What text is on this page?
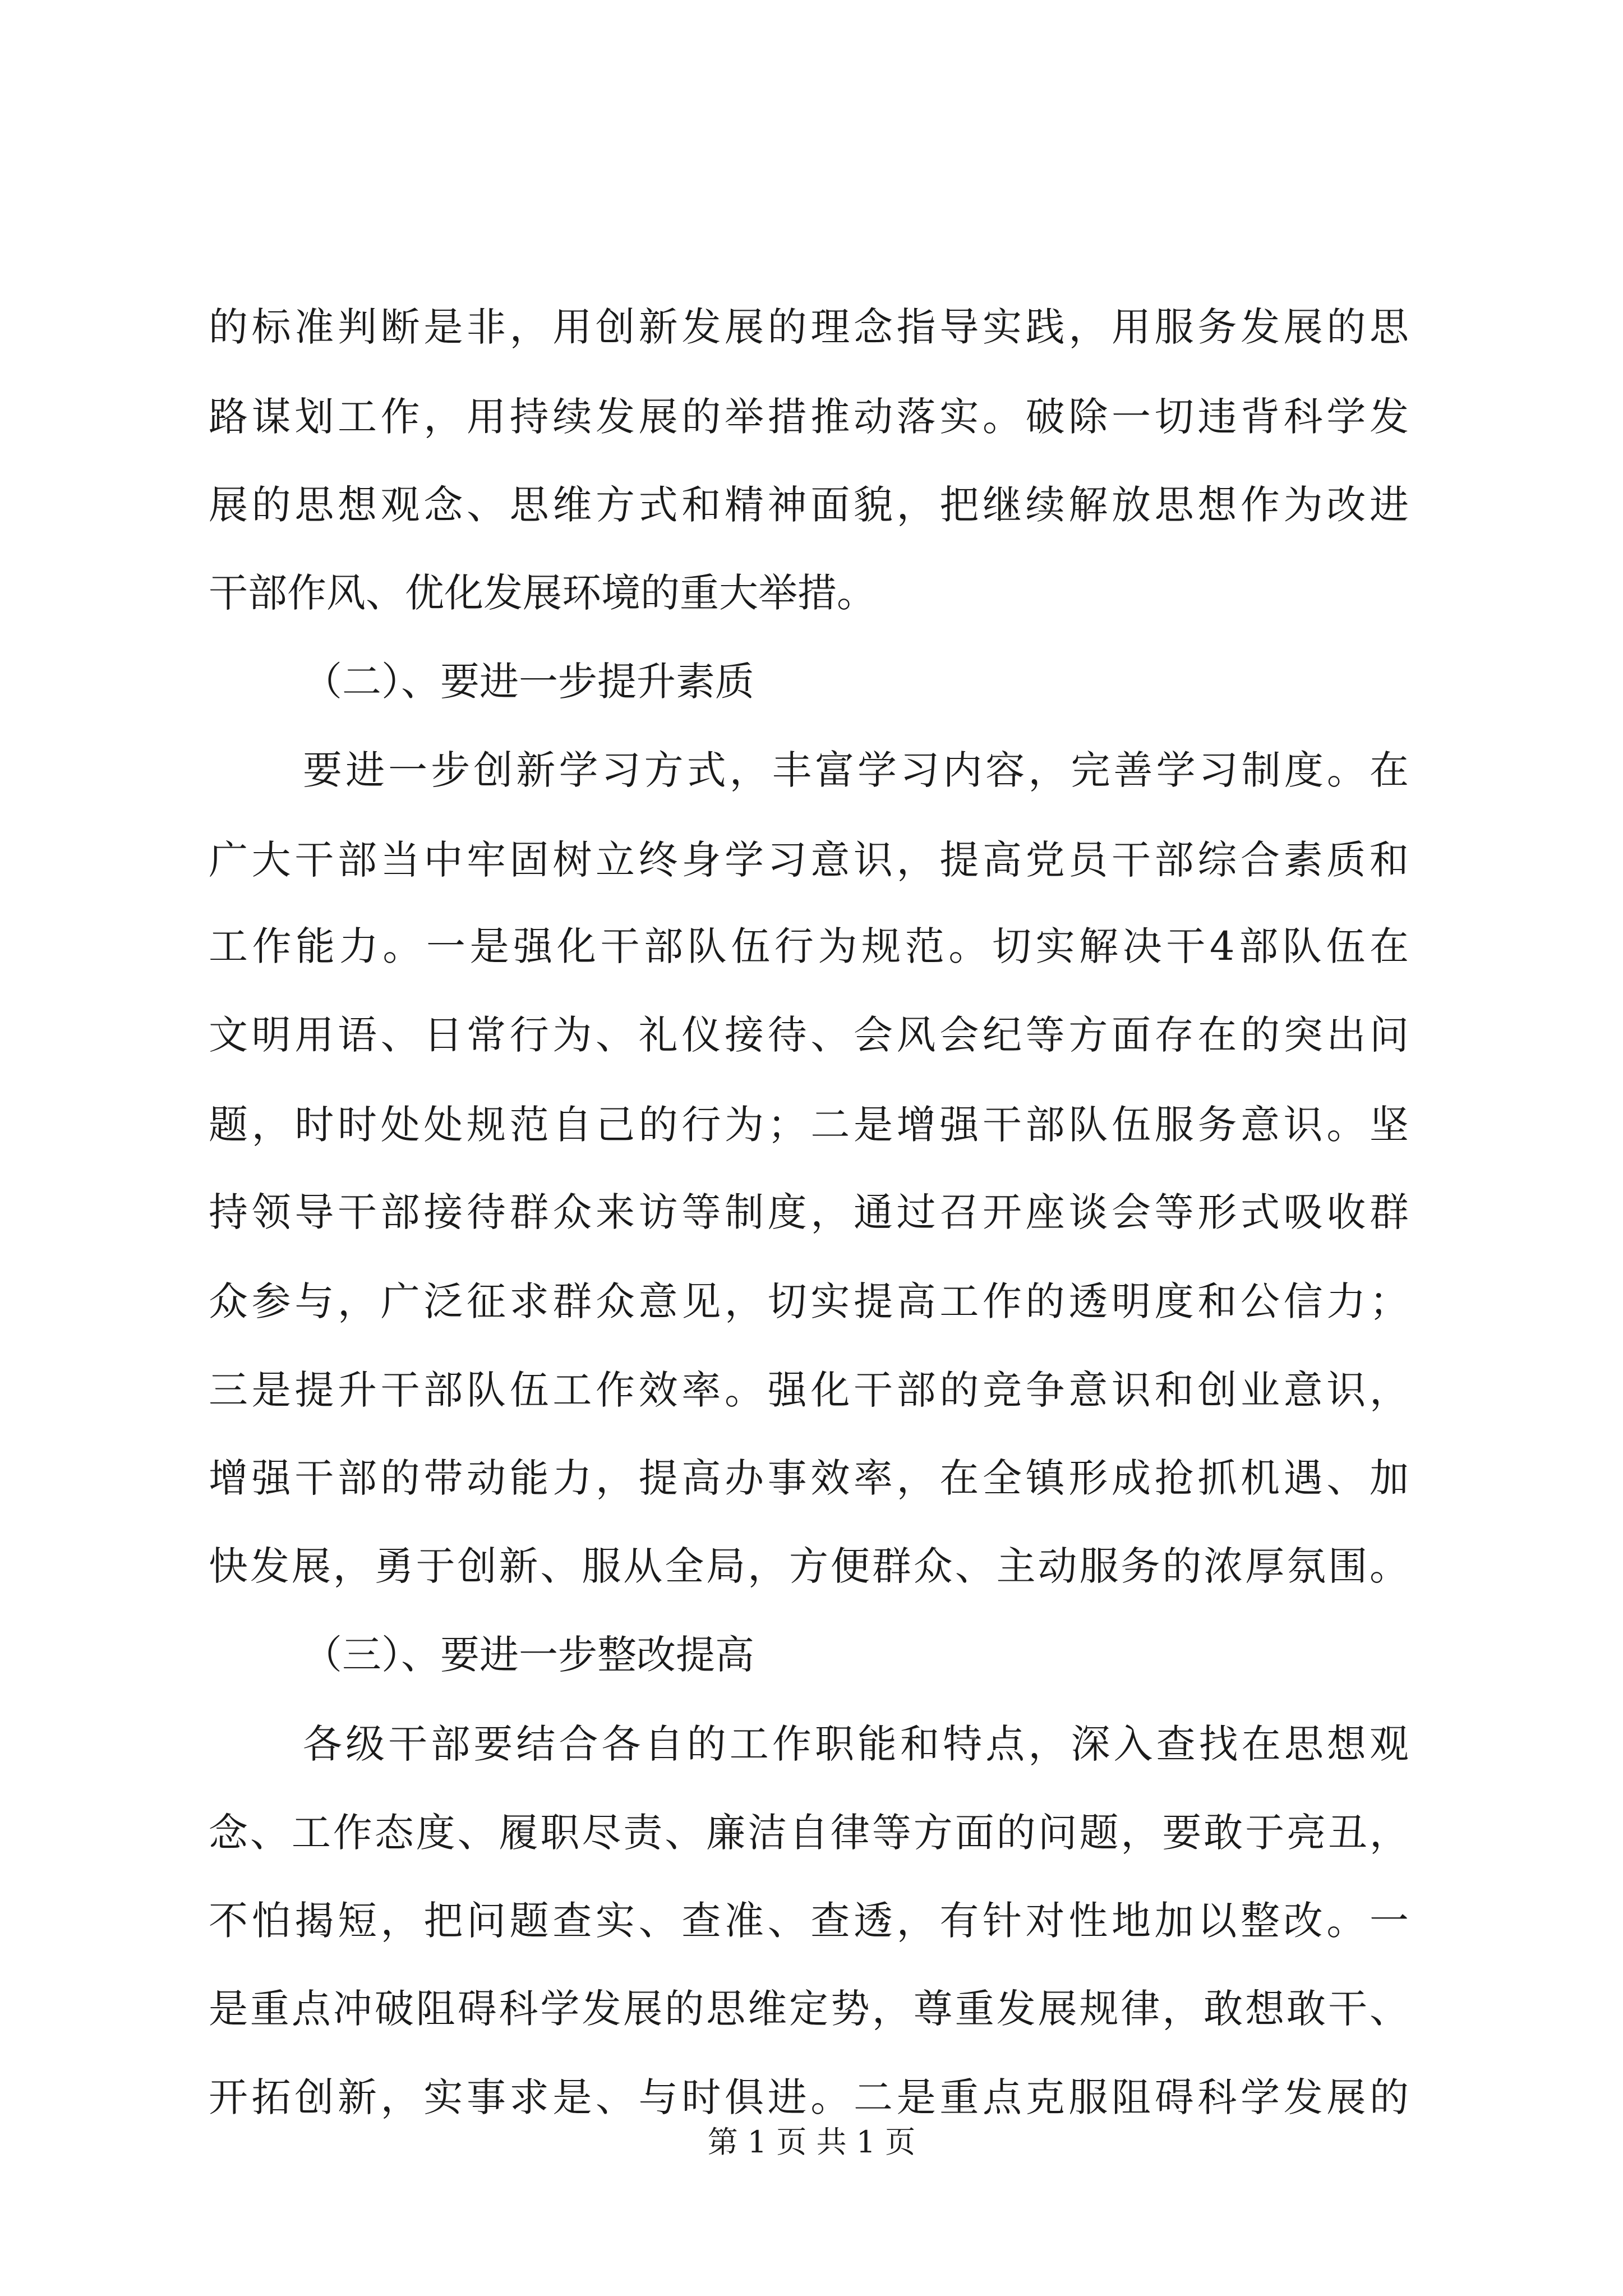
的标准判断是非，用创新发展的理念指导实践，用服务发展的思
路谋划工作，用持续发展的举措推动落实。破除一切违背科学发
展的思想观念、思维方式和精神面貌，把继续解放思想作为改进
干部作风、优化发展环境的重大举措。
（二）、要进一步提升素质
要进一步创新学习方式，丰富学习内容，完善学习制度。在
广大干部当中牢固树立终身学习意识，提高党员干部综合素质和
工作能力。一是强化干部队伍行为规范。切实解决干4部队伍在
文明用语、日常行为、礼仪接待、会风会纪等方面存在的突出问
题，时时处处规范自己的行为；二是增强干部队伍服务意识。坚
持领导干部接待群众来访等制度，通过召开座谈会等形式吸收群
众参与，广泛征求群众意见，切实提高工作的透明度和公信力；
三是提升干部队伍工作效率。强化干部的竞争意识和创业意识，
增强干部的带动能力，提高办事效率，在全镇形成抢抓机遇、加
快发展，勇于创新、服从全局，方便群众、主动服务的浓厚氛围。
（三）、要进一步整改提高
各级干部要结合各自的工作职能和特点，深入查找在思想观
念、工作态度、履职尽责、廉洁自律等方面的问题，要敢于亮丑，
不怕揭短，把问题查实、查准、查透，有针对性地加以整改。一
是重点冲破阻碍科学发展的思维定势，尊重发展规律，敢想敢干、
开拓创新，实事求是、与时俱进。二是重点克服阻碍科学发展的
第 1 页 共 1 页
